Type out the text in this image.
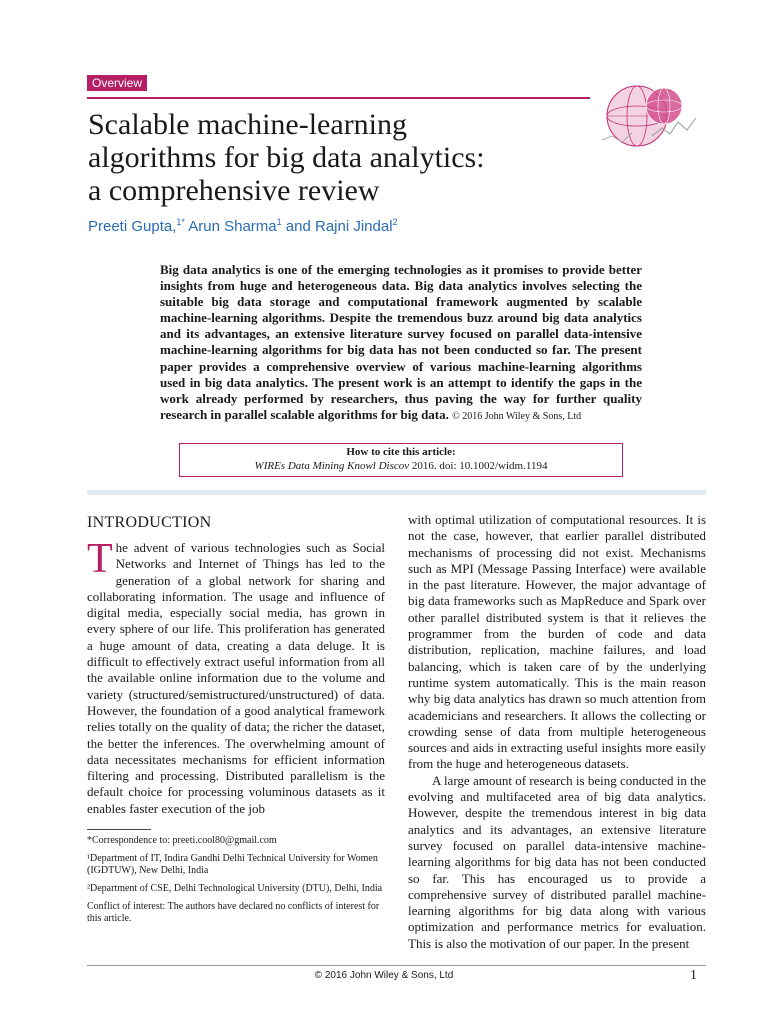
Overview
Scalable machine-learning
algorithms for big data analytics:
a comprehensive review
Preeti Gupta,$^{1*}$ Arun Sharma$^1$ and Rajni Jindal$^2$

Big data analytics is one of the emerging technologies as it promises to provide better insights from huge and heterogeneous data. Big data analytics involves selecting the suitable big data storage and computational framework augmented by scalable machine-learning algorithms. Despite the tremendous buzz around big data analytics and its advantages, an extensive literature survey focused on parallel data-intensive machine-learning algorithms for big data has not been conducted so far. The present paper provides a comprehensive overview of various machine-learning algorithms used in big data analytics. The present work is an attempt to identify the gaps in the work already performed by researchers, thus paving the way for further quality research in parallel scalable algorithms for big data. © 2016 John Wiley & Sons, Ltd

How to cite this article:
WIREs Data Mining Knowl Discov 2016. doi: 10.1002/widm.1194
INTRODUCTION

The advent of various technologies such as Social Networks and Internet of Things has led to the generation of a global network for sharing and collaborating information. The usage and influence of digital media, especially social media, has grown in every sphere of our life. This proliferation has generated a huge amount of data, creating a data deluge. It is difficult to effectively extract useful information from all the available online information due to the volume and variety (structured/semistructured/unstructured) of data. However, the foundation of a good analytical framework relies totally on the quality of data; the richer the dataset, the better the inferences. The overwhelming amount of data necessitates mechanisms for efficient information filtering and processing. Distributed parallelism is the default choice for processing voluminous datasets as it enables faster execution of the job

with optimal utilization of computational resources. It is not the case, however, that earlier parallel distributed mechanisms of processing did not exist. Mechanisms such as MPI (Message Passing Interface) were available in the past literature. However, the major advantage of big data frameworks such as MapReduce and Spark over other parallel distributed system is that it relieves the programmer from the burden of code and data distribution, replication, machine failures, and load balancing, which is taken care of by the underlying runtime system automatically. This is the main reason why big data analytics has drawn so much attention from academicians and researchers. It allows the collecting or crowding sense of data from multiple heterogeneous sources and aids in extracting useful insights more easily from the huge and heterogeneous datasets.

A large amount of research is being conducted in the evolving and multifaceted area of big data analytics. However, despite the tremendous interest in big data analytics and its advantages, an extensive literature survey focused on parallel data-intensive machine-learning algorithms for big data has not been conducted so far. This has encouraged us to provide a comprehensive survey of distributed parallel machine-learning algorithms for big data along with various optimization and performance metrics for evaluation. This is also the motivation of our paper. In the present

*Correspondence to: preeti.cool80@gmail.com

¹Department of IT, Indira Gandhi Delhi Technical University for Women (IGDTUW), New Delhi, India

²Department of CSE, Delhi Technological University (DTU), Delhi, India

Conflict of interest: The authors have declared no conflicts of interest for this article.

© 2016 John Wiley & Sons, Ltd	1
